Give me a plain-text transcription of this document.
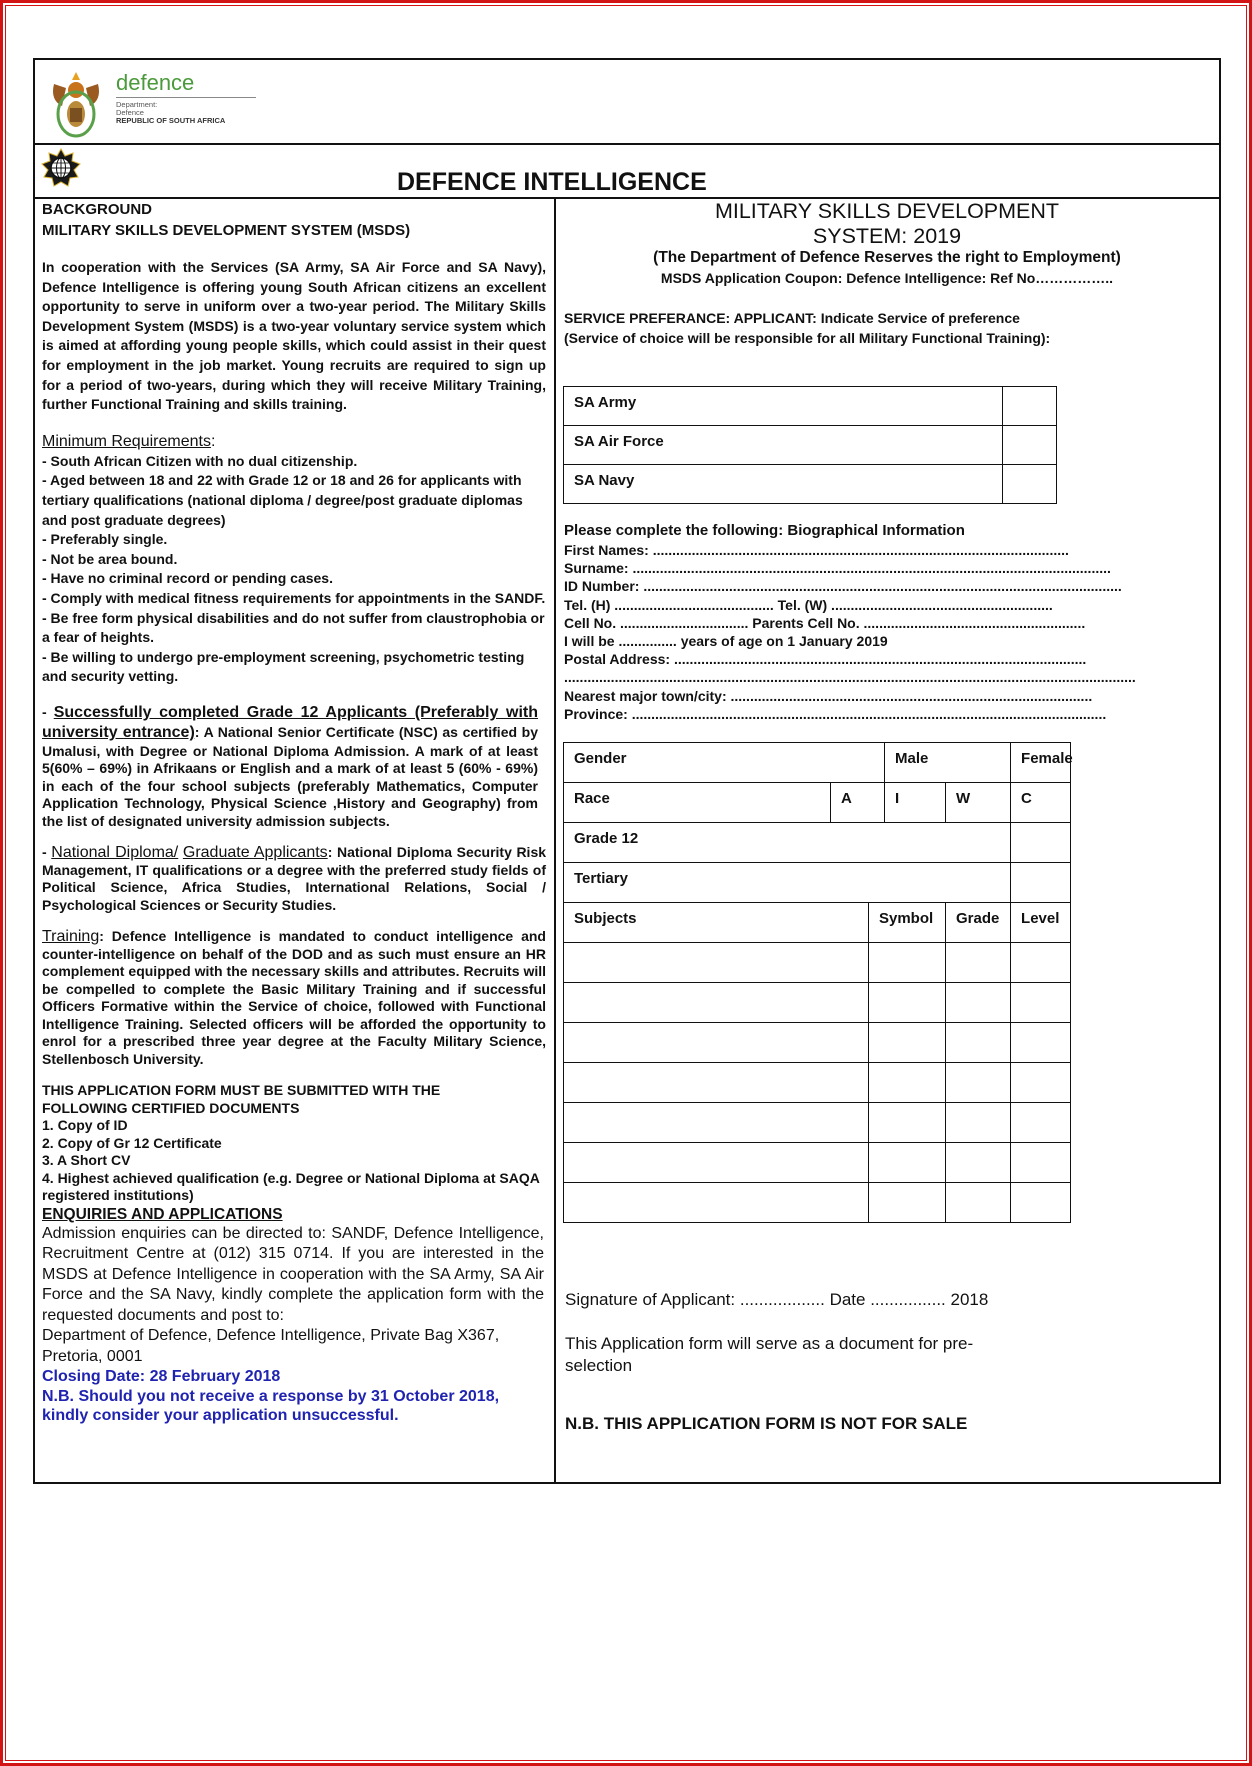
defence
Department:
Defence
REPUBLIC OF SOUTH AFRICA
DEFENCE INTELLIGENCE
BACKGROUND
MILITARY SKILLS DEVELOPMENT SYSTEM (MSDS)
In cooperation with the Services (SA Army, SA Air Force and SA Navy), Defence Intelligence is offering young South African citizens an excellent opportunity to serve in uniform over a two-year period. The Military Skills Development System (MSDS) is a two-year voluntary service system which is aimed at affording young people skills, which could assist in their quest for employment in the job market. Young recruits are required to sign up for a period of two-years, during which they will receive Military Training, further Functional Training and skills training.
Minimum Requirements:
- South African Citizen with no dual citizenship.
- Aged between 18 and 22 with Grade 12 or 18 and 26 for applicants with tertiary qualifications (national diploma / degree/post graduate diplomas and post graduate degrees)
- Preferably single.
- Not be area bound.
- Have no criminal record or pending cases.
- Comply with medical fitness requirements for appointments in the SANDF.
- Be free form physical disabilities and do not suffer from claustrophobia or a fear of heights.
- Be willing to undergo pre-employment screening, psychometric testing and security vetting.
- Successfully completed Grade 12 Applicants (Preferably with university entrance): A National Senior Certificate (NSC) as certified by Umalusi, with Degree or National Diploma Admission. A mark of at least 5(60% – 69%) in Afrikaans or English and a mark of at least 5 (60% - 69%) in each of the four school subjects (preferably Mathematics, Computer Application Technology, Physical Science ,History and Geography) from the list of designated university admission subjects.
- National Diploma/ Graduate Applicants: National Diploma Security Risk Management, IT qualifications or a degree with the preferred study fields of Political Science, Africa Studies, International Relations, Social / Psychological Sciences or Security Studies.
Training: Defence Intelligence is mandated to conduct intelligence and counter-intelligence on behalf of the DOD and as such must ensure an HR complement equipped with the necessary skills and attributes. Recruits will be compelled to complete the Basic Military Training and if successful Officers Formative within the Service of choice, followed with Functional Intelligence Training. Selected officers will be afforded the opportunity to enrol for a prescribed three year degree at the Faculty Military Science, Stellenbosch University.
THIS APPLICATION FORM MUST BE SUBMITTED WITH THE FOLLOWING CERTIFIED DOCUMENTS
1. Copy of ID
2. Copy of Gr 12 Certificate
3. A Short CV
4. Highest achieved qualification (e.g. Degree or National Diploma at SAQA registered institutions)
ENQUIRIES AND APPLICATIONS
Admission enquiries can be directed to: SANDF, Defence Intelligence, Recruitment Centre at (012) 315 0714. If you are interested in the MSDS at Defence Intelligence in cooperation with the SA Army, SA Air Force and the SA Navy, kindly complete the application form with the requested documents and post to:
Department of Defence, Defence Intelligence, Private Bag X367, Pretoria, 0001
Closing Date: 28 February 2018
N.B. Should you not receive a response by 31 October 2018, kindly consider your application unsuccessful.
MILITARY SKILLS DEVELOPMENT
SYSTEM: 2019
(The Department of Defence Reserves the right to Employment)
MSDS Application Coupon: Defence Intelligence: Ref No……………..
SERVICE PREFERANCE: APPLICANT: Indicate Service of preference (Service of choice will be responsible for all Military Functional Training):
SA Army	
SA Air Force	
SA Navy	
Please complete the following: Biographical Information
First Names: ...........................................................................................................
Surname: ...........................................................................................................................
ID Number: ...........................................................................................................................
Tel. (H) ......................................... Tel. (W) .........................................................
Cell No. ................................. Parents Cell No. .........................................................
I will be ............... years of age on 1 January 2019
Postal Address: ..........................................................................................................
...................................................................................................................................................
Nearest major town/city: .............................................................................................
Province: ..........................................................................................................................
Gender			Male		Female
Race	A		I	W	C
Grade 12					
Tertiary					
Subjects		Symbol		Grade	Level

Signature of Applicant: .................. Date ................ 2018
This Application form will serve as a document for pre-selection
N.B. THIS APPLICATION FORM IS NOT FOR SALE
